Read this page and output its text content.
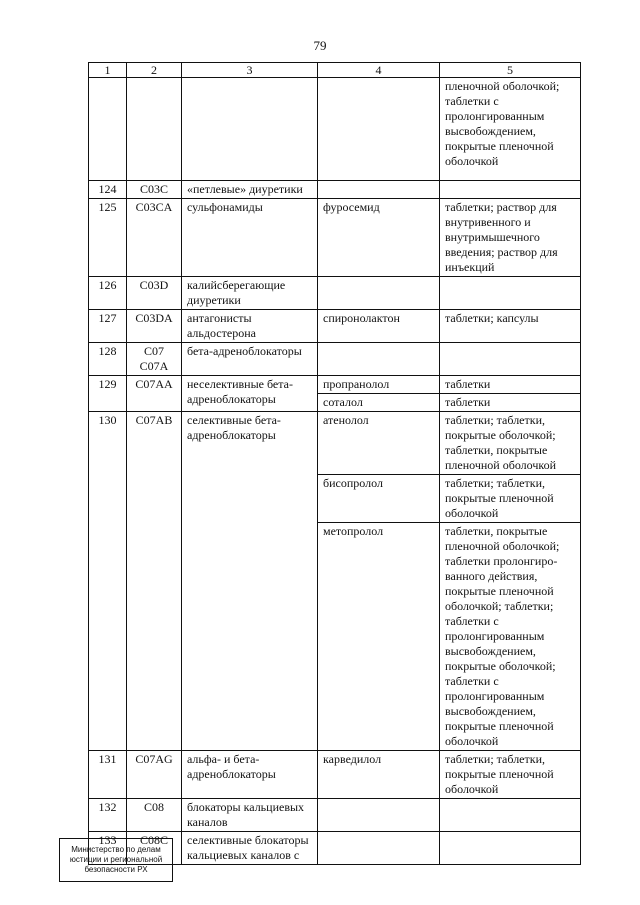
79
1	2	3	4	5
				пленочной оболочкой; таблетки с пролонгированным высвобождением, покрытые пленочной оболочкой
124	C03C	«петлевые» диуретики		
125	C03CA	сульфонамиды	фуросемид	таблетки; раствор для внутривенного и внутримышечного введения; раствор для инъекций
126	C03D	калийсберегающие диуретики		
127	C03DA	антагонисты альдостерона	спиронолактон	таблетки; капсулы
128	C07 C07A	бета-адреноблокаторы		
129	C07AA	неселективные бета-адреноблокаторы	пропранолол	таблетки
			соталол	таблетки
130	C07AB	селективные бета-адреноблокаторы	атенолол	таблетки; таблетки, покрытые оболочкой; таблетки, покрытые пленочной оболочкой
			бисопролол	таблетки; таблетки, покрытые пленочной оболочкой
			метопролол	таблетки, покрытые пленочной оболочкой; таблетки пролонгиро-ванного действия, покрытые пленочной оболочкой; таблетки; таблетки с пролонгированным высвобождением, покрытые оболочкой; таблетки с пролонгированным высвобождением, покрытые пленочной оболочкой
131	C07AG	альфа- и бета-адреноблокаторы	карведилол	таблетки; таблетки, покрытые пленочной оболочкой
132	C08	блокаторы кальциевых каналов		
133	C08C	селективные блокаторы кальциевых каналов с		
Министерство по делам
юстиции и региональной
безопасности РХ
